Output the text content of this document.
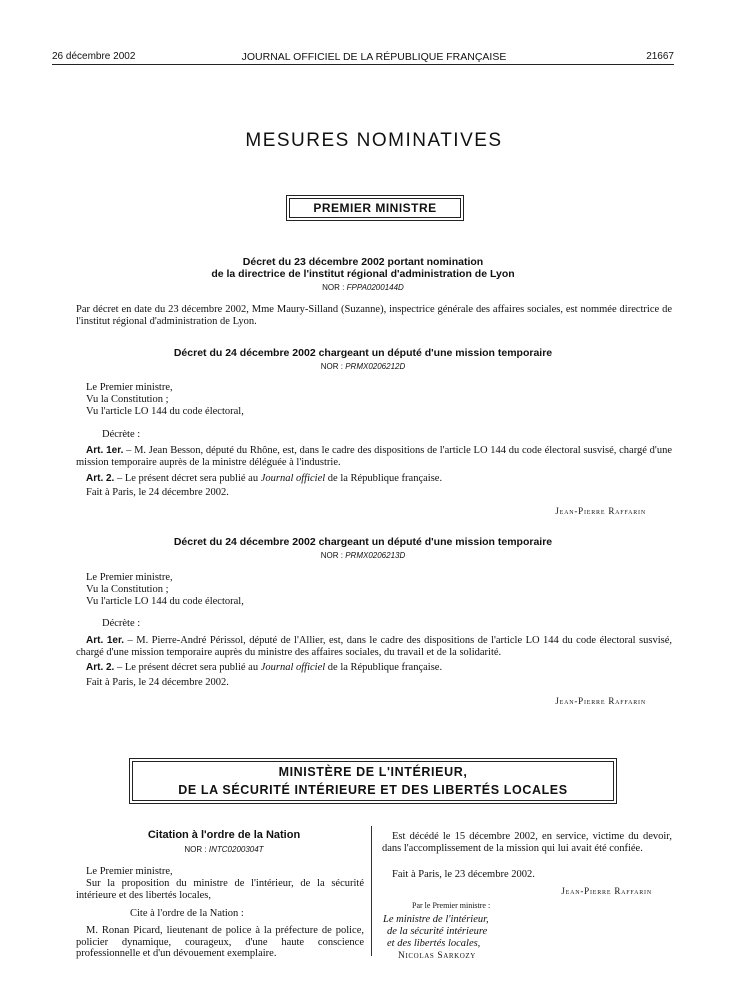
26 décembre 2002	JOURNAL OFFICIEL DE LA RÉPUBLIQUE FRANÇAISE	21667
MESURES NOMINATIVES
PREMIER MINISTRE
Décret du 23 décembre 2002 portant nomination
de la directrice de l'institut régional d'administration de Lyon
NOR : FPPA0200144D
Par décret en date du 23 décembre 2002, Mme Maury-Silland (Suzanne), inspectrice générale des affaires sociales, est nommée directrice de l'institut régional d'administration de Lyon.
Décret du 24 décembre 2002 chargeant un député d'une mission temporaire
NOR : PRMX0206212D
Le Premier ministre,
Vu la Constitution ;
Vu l'article LO 144 du code électoral,
Décrète :
Art. 1er. – M. Jean Besson, député du Rhône, est, dans le cadre des dispositions de l'article LO 144 du code électoral susvisé, chargé d'une mission temporaire auprès de la ministre déléguée à l'industrie.
Art. 2. – Le présent décret sera publié au Journal officiel de la République française.
Fait à Paris, le 24 décembre 2002.
Jean-Pierre Raffarin
Décret du 24 décembre 2002 chargeant un député d'une mission temporaire
NOR : PRMX0206213D
Le Premier ministre,
Vu la Constitution ;
Vu l'article LO 144 du code électoral,
Décrète :
Art. 1er. – M. Pierre-André Périssol, député de l'Allier, est, dans le cadre des dispositions de l'article LO 144 du code électoral susvisé, chargé d'une mission temporaire auprès du ministre des affaires sociales, du travail et de la solidarité.
Art. 2. – Le présent décret sera publié au Journal officiel de la République française.
Fait à Paris, le 24 décembre 2002.
Jean-Pierre Raffarin
MINISTÈRE DE L'INTÉRIEUR,
DE LA SÉCURITÉ INTÉRIEURE ET DES LIBERTÉS LOCALES
Citation à l'ordre de la Nation
NOR : INTC0200304T
Le Premier ministre,
Sur la proposition du ministre de l'intérieur, de la sécurité intérieure et des libertés locales,
Cite à l'ordre de la Nation :
M. Ronan Picard, lieutenant de police à la préfecture de police, policier dynamique, courageux, d'une haute conscience professionnelle et d'un dévouement exemplaire.
Est décédé le 15 décembre 2002, en service, victime du devoir, dans l'accomplissement de la mission qui lui avait été confiée.
Fait à Paris, le 23 décembre 2002.
Jean-Pierre Raffarin
Par le Premier ministre :
Le ministre de l'intérieur,
de la sécurité intérieure
et des libertés locales,
Nicolas Sarkozy
